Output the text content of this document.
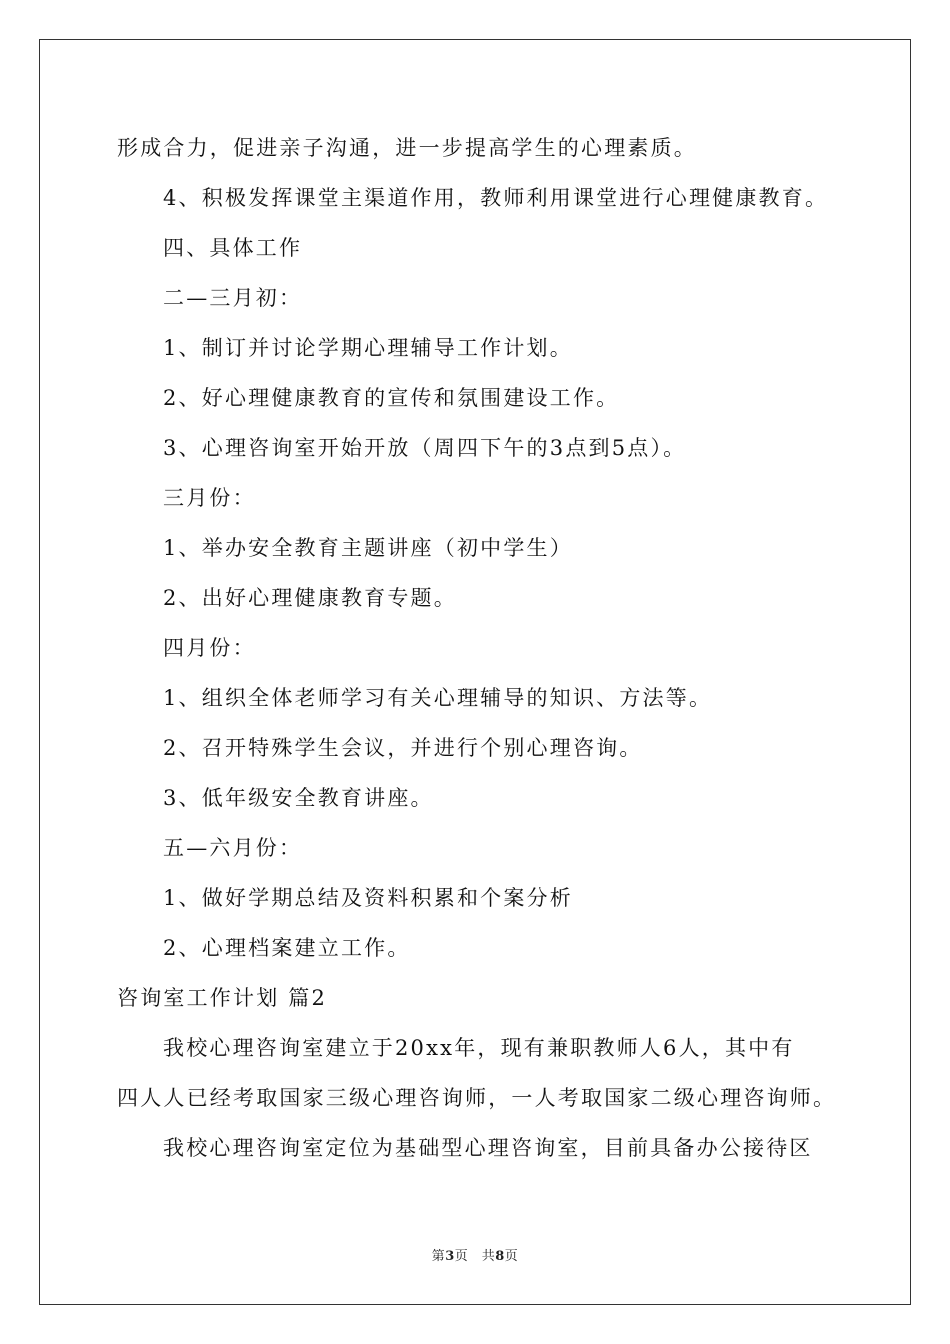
形成合力，促进亲子沟通，进一步提高学生的心理素质。
4、积极发挥课堂主渠道作用，教师利用课堂进行心理健康教育。
四、具体工作
二—三月初：
1、制订并讨论学期心理辅导工作计划。
2、好心理健康教育的宣传和氛围建设工作。
3、心理咨询室开始开放（周四下午的3点到5点）。
三月份：
1、举办安全教育主题讲座（初中学生）
2、出好心理健康教育专题。
四月份：
1、组织全体老师学习有关心理辅导的知识、方法等。
2、召开特殊学生会议，并进行个别心理咨询。
3、低年级安全教育讲座。
五—六月份：
1、做好学期总结及资料积累和个案分析
2、心理档案建立工作。
咨询室工作计划 篇2
我校心理咨询室建立于20xx年，现有兼职教师人6人，其中有
四人人已经考取国家三级心理咨询师，一人考取国家二级心理咨询师。
我校心理咨询室定位为基础型心理咨询室，目前具备办公接待区
第3页　共8页
